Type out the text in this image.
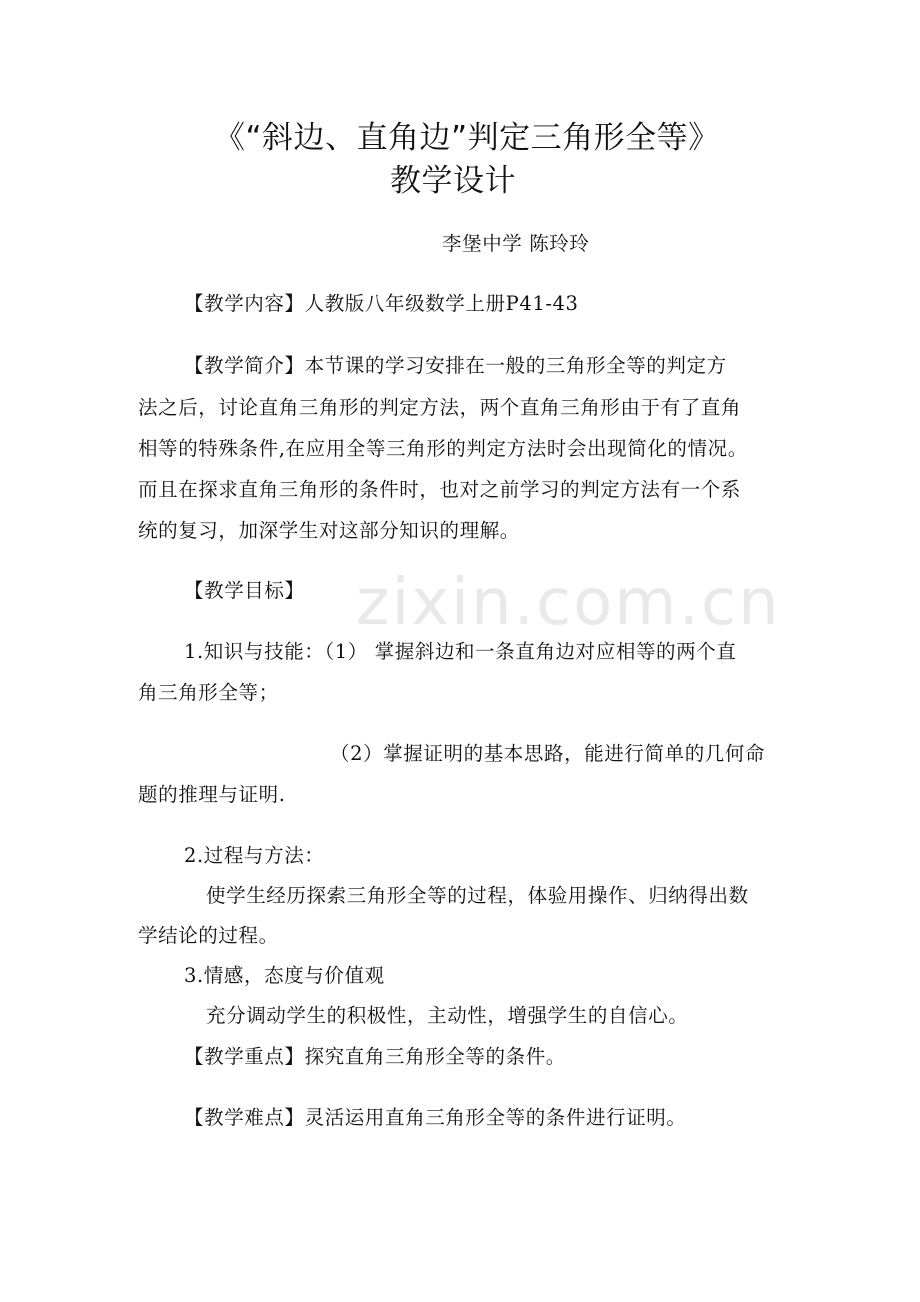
zixin.com.cn
《“斜边、直角边”判定三角形全等》
教学设计
李堡中学 陈玲玲
【教学内容】人教版八年级数学上册P41-43
【教学简介】本节课的学习安排在一般的三角形全等的判定方
法之后，讨论直角三角形的判定方法，两个直角三角形由于有了直角
相等的特殊条件,在应用全等三角形的判定方法时会出现简化的情况。
而且在探求直角三角形的条件时，也对之前学习的判定方法有一个系
统的复习，加深学生对这部分知识的理解。
【教学目标】
1.知识与技能：（1） 掌握斜边和一条直角边对应相等的两个直
角三角形全等；
（2）掌握证明的基本思路，能进行简单的几何命
题的推理与证明.
2.过程与方法：
使学生经历探索三角形全等的过程，体验用操作、归纳得出数
学结论的过程。
3.情感，态度与价值观
充分调动学生的积极性，主动性，增强学生的自信心。
【教学重点】探究直角三角形全等的条件。
【教学难点】灵活运用直角三角形全等的条件进行证明。
